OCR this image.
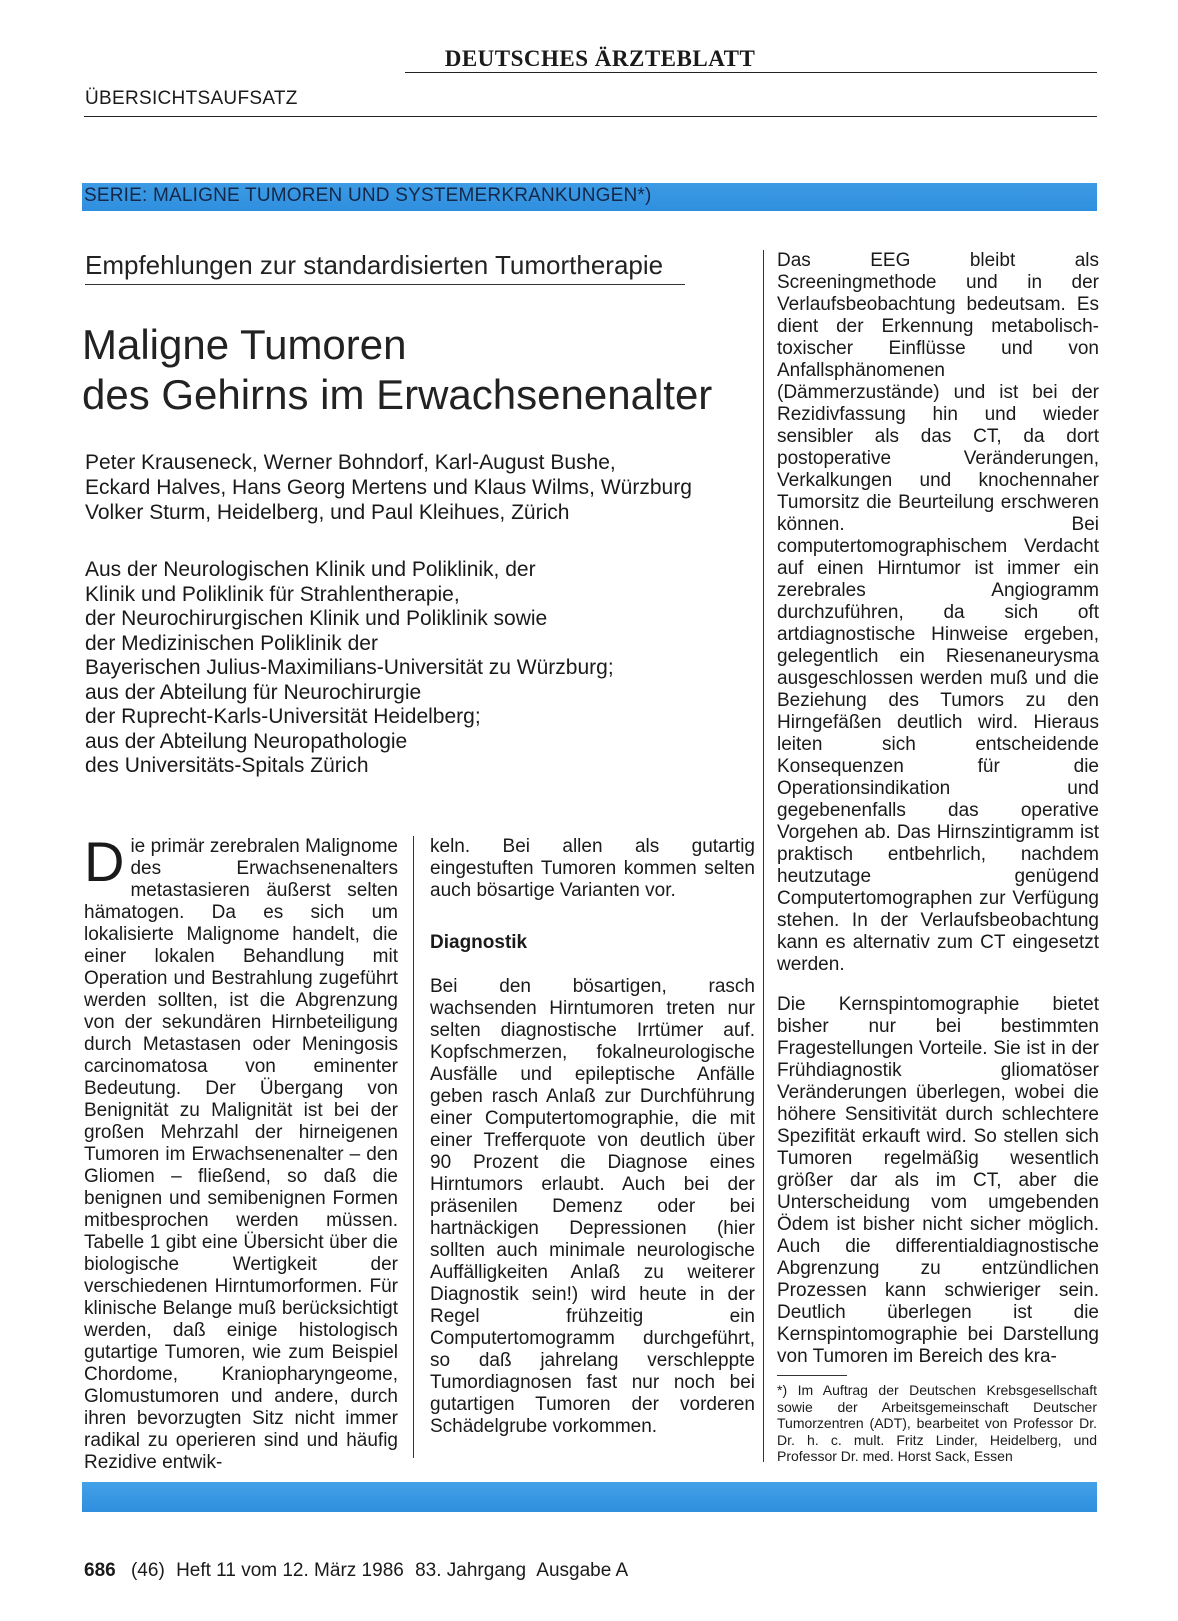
DEUTSCHES ÄRZTEBLATT
ÜBERSICHTSAUFSATZ
SERIE: MALIGNE TUMOREN UND SYSTEMERKRANKUNGEN*)
Empfehlungen zur standardisierten Tumortherapie
Maligne Tumoren
des Gehirns im Erwachsenenalter
Peter Krauseneck, Werner Bohndorf, Karl-August Bushe,
Eckard Halves, Hans Georg Mertens und Klaus Wilms, Würzburg
Volker Sturm, Heidelberg, und Paul Kleihues, Zürich
Aus der Neurologischen Klinik und Poliklinik, der
Klinik und Poliklinik für Strahlentherapie,
der Neurochirurgischen Klinik und Poliklinik sowie
der Medizinischen Poliklinik der
Bayerischen Julius-Maximilians-Universität zu Würzburg;
aus der Abteilung für Neurochirurgie
der Ruprecht-Karls-Universität Heidelberg;
aus der Abteilung Neuropathologie
des Universitäts-Spitals Zürich

Die primär zerebralen Malignome des Erwachsenenalters metastasieren äußerst selten hämatogen. Da es sich um lokalisierte Malignome handelt, die einer lokalen Behandlung mit Operation und Bestrahlung zugeführt werden sollten, ist die Abgrenzung von der sekundären Hirnbeteiligung durch Metastasen oder Meningosis carcinomatosa von eminenter Bedeutung. Der Übergang von Benignität zu Malignität ist bei der großen Mehrzahl der hirneigenen Tumoren im Erwachsenenalter – den Gliomen – fließend, so daß die benignen und semibenignen Formen mitbesprochen werden müssen. Tabelle 1 gibt eine Übersicht über die biologische Wertigkeit der verschiedenen Hirntumorformen. Für klinische Belange muß berücksichtigt werden, daß einige histologisch gutartige Tumoren, wie zum Beispiel Chordome, Kraniopharyngeome, Glomustumoren und andere, durch ihren bevorzugten Sitz nicht immer radikal zu operieren sind und häufig Rezidive entwik-

keln. Bei allen als gutartig eingestuften Tumoren kommen selten auch bösartige Varianten vor.

Diagnostik

Bei den bösartigen, rasch wachsenden Hirntumoren treten nur selten diagnostische Irrtümer auf. Kopfschmerzen, fokalneurologische Ausfälle und epileptische Anfälle geben rasch Anlaß zur Durchführung einer Computertomographie, die mit einer Trefferquote von deutlich über 90 Prozent die Diagnose eines Hirntumors erlaubt. Auch bei der präsenilen Demenz oder bei hartnäckigen Depressionen (hier sollten auch minimale neurologische Auffälligkeiten Anlaß zu weiterer Diagnostik sein!) wird heute in der Regel frühzeitig ein Computertomogramm durchgeführt, so daß jahrelang verschleppte Tumordiagnosen fast nur noch bei gutartigen Tumoren der vorderen Schädelgrube vorkommen.

Das EEG bleibt als Screeningmethode und in der Verlaufsbeobachtung bedeutsam. Es dient der Erkennung metabolisch-toxischer Einflüsse und von Anfallsphänomenen (Dämmerzustände) und ist bei der Rezidivfassung hin und wieder sensibler als das CT, da dort postoperative Veränderungen, Verkalkungen und knochennaher Tumorsitz die Beurteilung erschweren können. Bei computertomographischem Verdacht auf einen Hirntumor ist immer ein zerebrales Angiogramm durchzuführen, da sich oft artdiagnostische Hinweise ergeben, gelegentlich ein Riesenaneurysma ausgeschlossen werden muß und die Beziehung des Tumors zu den Hirngefäßen deutlich wird. Hieraus leiten sich entscheidende Konsequenzen für die Operationsindikation und gegebenenfalls das operative Vorgehen ab. Das Hirnszintigramm ist praktisch entbehrlich, nachdem heutzutage genügend Computertomographen zur Verfügung stehen. In der Verlaufsbeobachtung kann es alternativ zum CT eingesetzt werden.

Die Kernspintomographie bietet bisher nur bei bestimmten Fragestellungen Vorteile. Sie ist in der Frühdiagnostik gliomatöser Veränderungen überlegen, wobei die höhere Sensitivität durch schlechtere Spezifität erkauft wird. So stellen sich Tumoren regelmäßig wesentlich größer dar als im CT, aber die Unterscheidung vom umgebenden Ödem ist bisher nicht sicher möglich. Auch die differentialdiagnostische Abgrenzung zu entzündlichen Prozessen kann schwieriger sein. Deutlich überlegen ist die Kernspintomographie bei Darstellung von Tumoren im Bereich des kra-

*) Im Auftrag der Deutschen Krebsgesellschaft sowie der Arbeitsgemeinschaft Deutscher Tumorzentren (ADT), bearbeitet von Professor Dr. Dr. h. c. mult. Fritz Linder, Heidelberg, und Professor Dr. med. Horst Sack, Essen
686 (46) Heft 11 vom 12. März 1986 83. Jahrgang Ausgabe A
